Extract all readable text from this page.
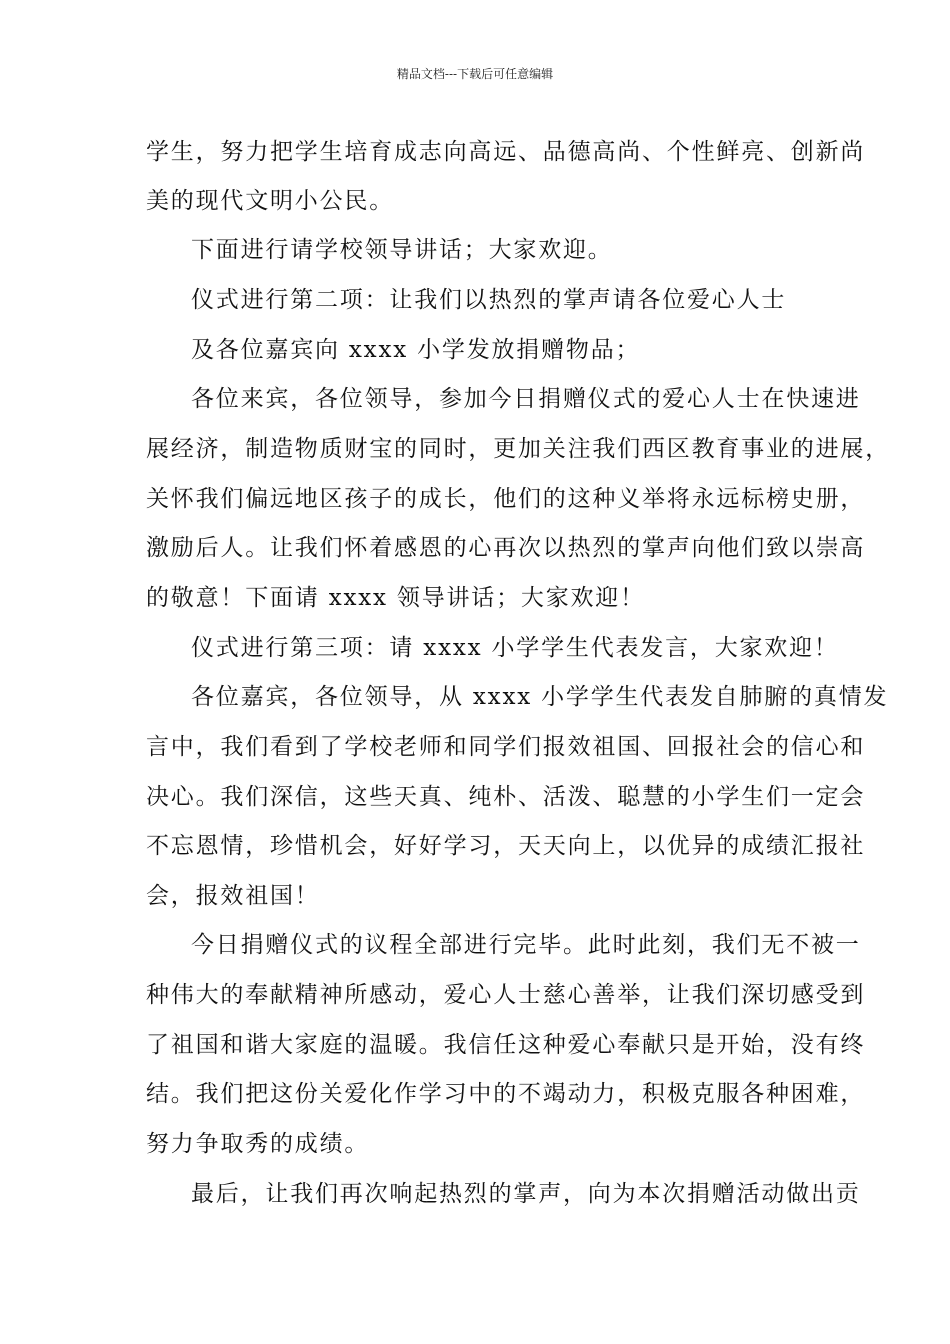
精品文档---下载后可任意编辑
学生，努力把学生培育成志向高远、品德高尚、个性鲜亮、创新尚
美的现代文明小公民。
下面进行请学校领导讲话；大家欢迎。
仪式进行第二项：让我们以热烈的掌声请各位爱心人士
及各位嘉宾向 xxxx 小学发放捐赠物品；
各位来宾，各位领导，参加今日捐赠仪式的爱心人士在快速进
展经济，制造物质财宝的同时，更加关注我们西区教育事业的进展，
关怀我们偏远地区孩子的成长，他们的这种义举将永远标榜史册，
激励后人。让我们怀着感恩的心再次以热烈的掌声向他们致以崇高
的敬意！下面请 xxxx 领导讲话；大家欢迎！
仪式进行第三项：请 xxxx 小学学生代表发言，大家欢迎！
各位嘉宾，各位领导，从 xxxx 小学学生代表发自肺腑的真情发
言中，我们看到了学校老师和同学们报效祖国、回报社会的信心和
决心。我们深信，这些天真、纯朴、活泼、聪慧的小学生们一定会
不忘恩情，珍惜机会，好好学习，天天向上，以优异的成绩汇报社
会，报效祖国！
今日捐赠仪式的议程全部进行完毕。此时此刻，我们无不被一
种伟大的奉献精神所感动，爱心人士慈心善举，让我们深切感受到
了祖国和谐大家庭的温暖。我信任这种爱心奉献只是开始，没有终
结。我们把这份关爱化作学习中的不竭动力，积极克服各种困难，
努力争取秀的成绩。
最后，让我们再次响起热烈的掌声，向为本次捐赠活动做出贡
